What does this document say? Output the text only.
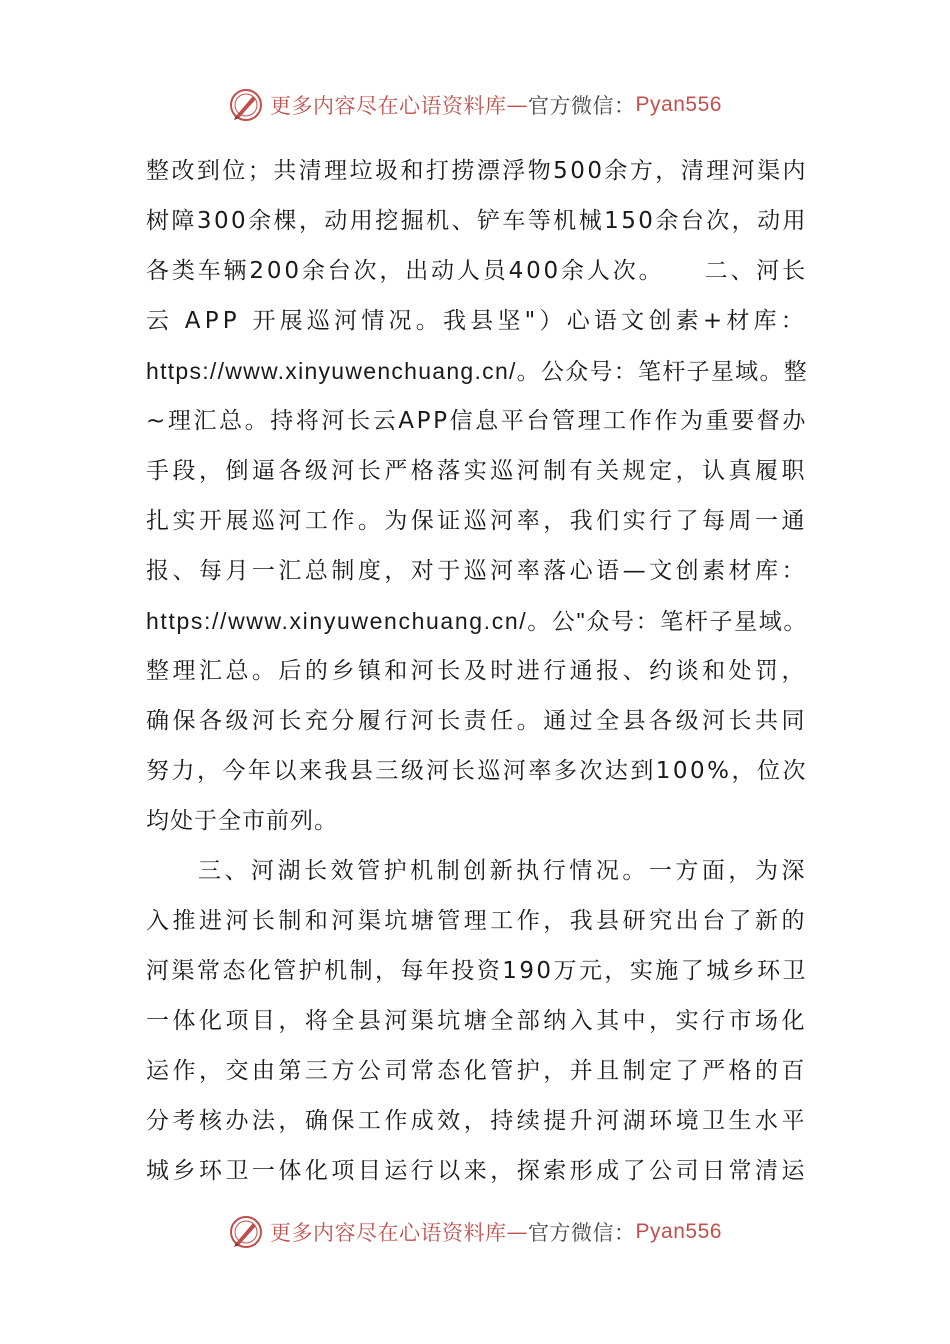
更多内容尽在心语资料库 — 官方微信： Pyan556
整改到位；共清理垃圾和打捞漂浮物500余方，清理河渠内
树障300余棵，动用挖掘机、铲车等机械150余台次，动用
各类车辆200余台次，出动人员400余人次。　　二、河长
云 APP 开展巡河情况。我县坚"）心语文创素+材库：
https://www.xinyuwenchuang.cn/。公众号：笔杆子星域。整
~理汇总。持将河长云APP信息平台管理工作作为重要督办
手段，倒逼各级河长严格落实巡河制有关规定，认真履职
扎实开展巡河工作。为保证巡河率，我们实行了每周一通
报、每月一汇总制度，对于巡河率落心语—文创素材库：
https://www.xinyuwenchuang.cn/。公"众号：笔杆子星域。
整理汇总。后的乡镇和河长及时进行通报、约谈和处罚，
确保各级河长充分履行河长责任。通过全县各级河长共同
努力，今年以来我县三级河长巡河率多次达到100%，位次
均处于全市前列。
三、河湖长效管护机制创新执行情况。一方面，为深
入推进河长制和河渠坑塘管理工作，我县研究出台了新的
河渠常态化管护机制，每年投资190万元，实施了城乡环卫
一体化项目，将全县河渠坑塘全部纳入其中，实行市场化
运作，交由第三方公司常态化管护，并且制定了严格的百
分考核办法，确保工作成效，持续提升河湖环境卫生水平
城乡环卫一体化项目运行以来，探索形成了公司日常清运
更多内容尽在心语资料库 — 官方微信： Pyan556
